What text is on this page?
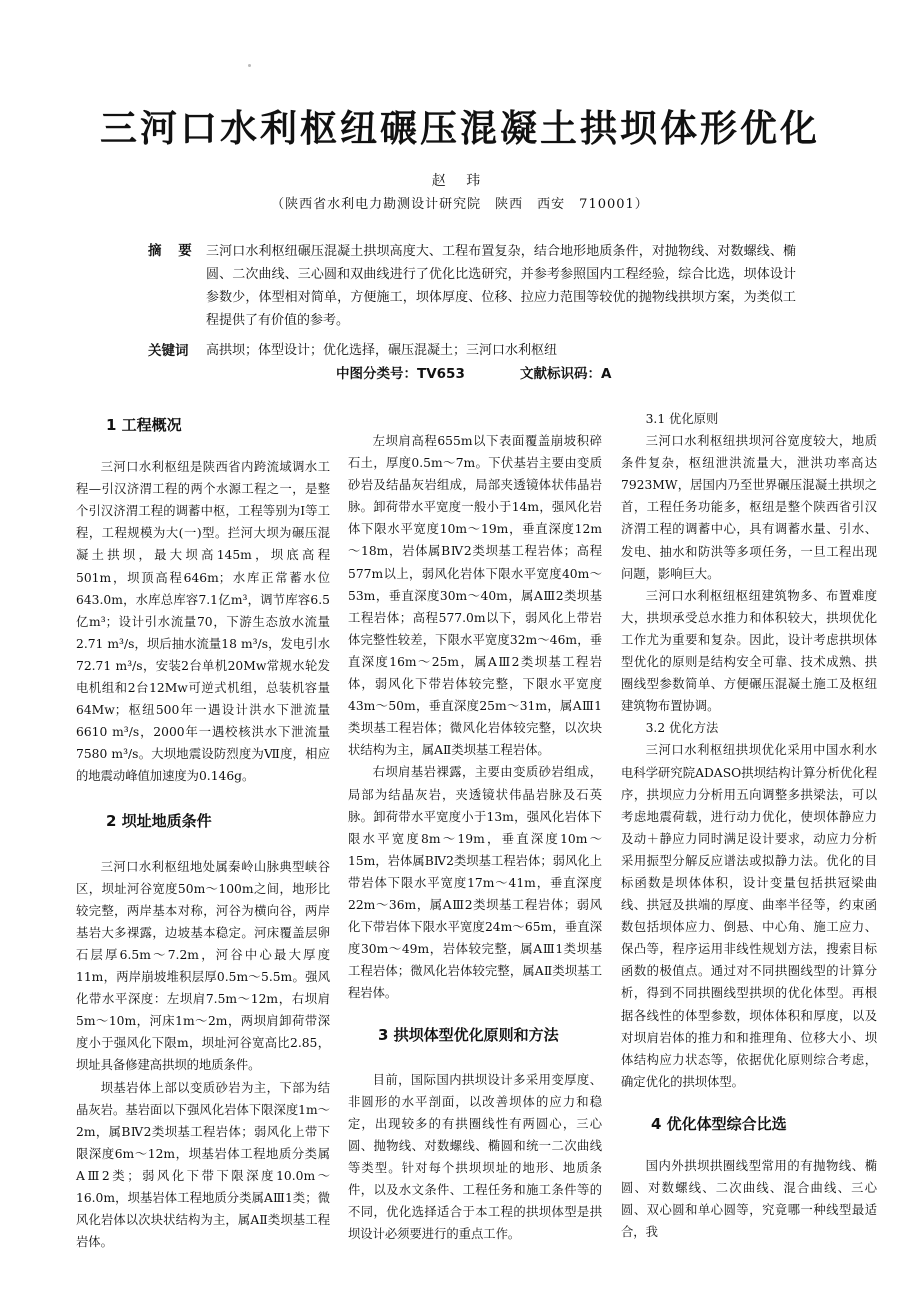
三河口水利枢纽碾压混凝土拱坝体形优化
赵 玮
（陕西省水利电力勘测设计研究院　陕西　西安　710001）
摘 要 三河口水利枢纽碾压混凝土拱坝高度大、工程布置复杂，结合地形地质条件，对抛物线、对数螺线、椭圆、二次曲线、三心圆和双曲线进行了优化比选研究，并参考参照国内工程经验，综合比选，坝体设计参数少，体型相对简单，方便施工，坝体厚度、位移、拉应力范围等较优的抛物线拱坝方案，为类似工程提供了有价值的参考。
关键词 高拱坝；体型设计；优化选择，碾压混凝土；三河口水利枢纽
中图分类号：TV653	文献标识码：A

1 工程概况

三河口水利枢纽是陕西省内跨流域调水工程—引汉济渭工程的两个水源工程之一，是整个引汉济渭工程的调蓄中枢，工程等别为Ⅰ等工程，工程规模为大(一)型。拦河大坝为碾压混凝土拱坝，最大坝高145m，坝底高程501m，坝顶高程646m；水库正常蓄水位643.0m，水库总库容7.1亿m³，调节库容6.5亿m³；设计引水流量70，下游生态放水流量2.71 m³/s，坝后抽水流量18 m³/s，发电引水72.71 m³/s，安装2台单机20Mw常规水轮发电机组和2台12Mw可逆式机组，总装机容量64Mw；枢纽500年一遇设计洪水下泄流量6610 m³/s，2000年一遇校核洪水下泄流量7580 m³/s。大坝地震设防烈度为Ⅶ度，相应的地震动峰值加速度为0.146g。

2 坝址地质条件

三河口水利枢纽地处属秦岭山脉典型峡谷区，坝址河谷宽度50m～100m之间，地形比较完整，两岸基本对称，河谷为横向谷，两岸基岩大多裸露，边坡基本稳定。河床覆盖层卵石层厚6.5m～7.2m，河谷中心最大厚度11m，两岸崩坡堆积层厚0.5m～5.5m。强风化带水平深度：左坝肩7.5m～12m，右坝肩5m～10m，河床1m～2m，两坝肩卸荷带深度小于强风化下限m，坝址河谷宽高比2.85，坝址具备修建高拱坝的地质条件。

坝基岩体上部以变质砂岩为主，下部为结晶灰岩。基岩面以下强风化岩体下限深度1m～2m，属BⅣ2类坝基工程岩体；弱风化上带下限深度6m～12m，坝基岩体工程地质分类属AⅢ2类；弱风化下带下限深度10.0m～16.0m，坝基岩体工程地质分类属AⅢ1类；微风化岩体以次块状结构为主，属AⅡ类坝基工程岩体。

左坝肩高程655m以下表面覆盖崩坡积碎石土，厚度0.5m～7m。下伏基岩主要由变质砂岩及结晶灰岩组成，局部夹透镜体状伟晶岩脉。卸荷带水平宽度一般小于14m，强风化岩体下限水平宽度10m～19m，垂直深度12m～18m，岩体属BⅣ2类坝基工程岩体；高程577m以上，弱风化岩体下限水平宽度40m～53m，垂直深度30m～40m，属AⅢ2类坝基工程岩体；高程577.0m以下，弱风化上带岩体完整性较差，下限水平宽度32m～46m，垂直深度16m～25m，属AⅢ2类坝基工程岩体，弱风化下带岩体较完整，下限水平宽度43m～50m，垂直深度25m～31m，属AⅢ1类坝基工程岩体；微风化岩体较完整，以次块状结构为主，属AⅡ类坝基工程岩体。

右坝肩基岩裸露，主要由变质砂岩组成，局部为结晶灰岩，夹透镜状伟晶岩脉及石英脉。卸荷带水平宽度小于13m，强风化岩体下限水平宽度8m～19m，垂直深度10m～15m，岩体属BⅣ2类坝基工程岩体；弱风化上带岩体下限水平宽度17m～41m，垂直深度22m～36m，属AⅢ2类坝基工程岩体；弱风化下带岩体下限水平宽度24m～65m，垂直深度30m～49m，岩体较完整，属AⅢ1类坝基工程岩体；微风化岩体较完整，属AⅡ类坝基工程岩体。

3 拱坝体型优化原则和方法

目前，国际国内拱坝设计多采用变厚度、非圆形的水平剖面，以改善坝体的应力和稳定，出现较多的有拱圈线性有两圆心，三心圆、抛物线、对数螺线、椭圆和统一二次曲线等类型。针对每个拱坝坝址的地形、地质条件，以及水文条件、工程任务和施工条件等的不同，优化选择适合于本工程的拱坝体型是拱坝设计必须要进行的重点工作。

3.1 优化原则

三河口水利枢纽拱坝河谷宽度较大，地质条件复杂，枢纽泄洪流量大，泄洪功率高达7923MW，居国内乃至世界碾压混凝土拱坝之首，工程任务功能多，枢纽是整个陕西省引汉济渭工程的调蓄中心，具有调蓄水量、引水、发电、抽水和防洪等多项任务，一旦工程出现问题，影响巨大。

三河口水利枢纽枢纽建筑物多、布置难度大，拱坝承受总水推力和体积较大，拱坝优化工作尤为重要和复杂。因此，设计考虑拱坝体型优化的原则是结构安全可靠、技术成熟、拱圈线型参数简单、方便碾压混凝土施工及枢纽建筑物布置协调。

3.2 优化方法

三河口水利枢纽拱坝优化采用中国水利水电科学研究院ADASO拱坝结构计算分析优化程序，拱坝应力分析用五向调整多拱梁法，可以考虑地震荷载，进行动力优化，使坝体静应力及动＋静应力同时满足设计要求，动应力分析采用振型分解反应谱法或拟静力法。优化的目标函数是坝体体积，设计变量包括拱冠梁曲线、拱冠及拱端的厚度、曲率半径等，约束函数包括坝体应力、倒悬、中心角、施工应力、保凸等，程序运用非线性规划方法，搜索目标函数的极值点。通过对不同拱圈线型的计算分析，得到不同拱圈线型拱坝的优化体型。再根据各线性的体型参数，坝体体积和厚度，以及对坝肩岩体的推力和和推理角、位移大小、坝体结构应力状态等，依据优化原则综合考虑，确定优化的拱坝体型。

4 优化体型综合比选

国内外拱坝拱圈线型常用的有抛物线、椭圆、对数螺线、二次曲线、混合曲线、三心圆、双心圆和单心圆等，究竟哪一种线型最适合，我
